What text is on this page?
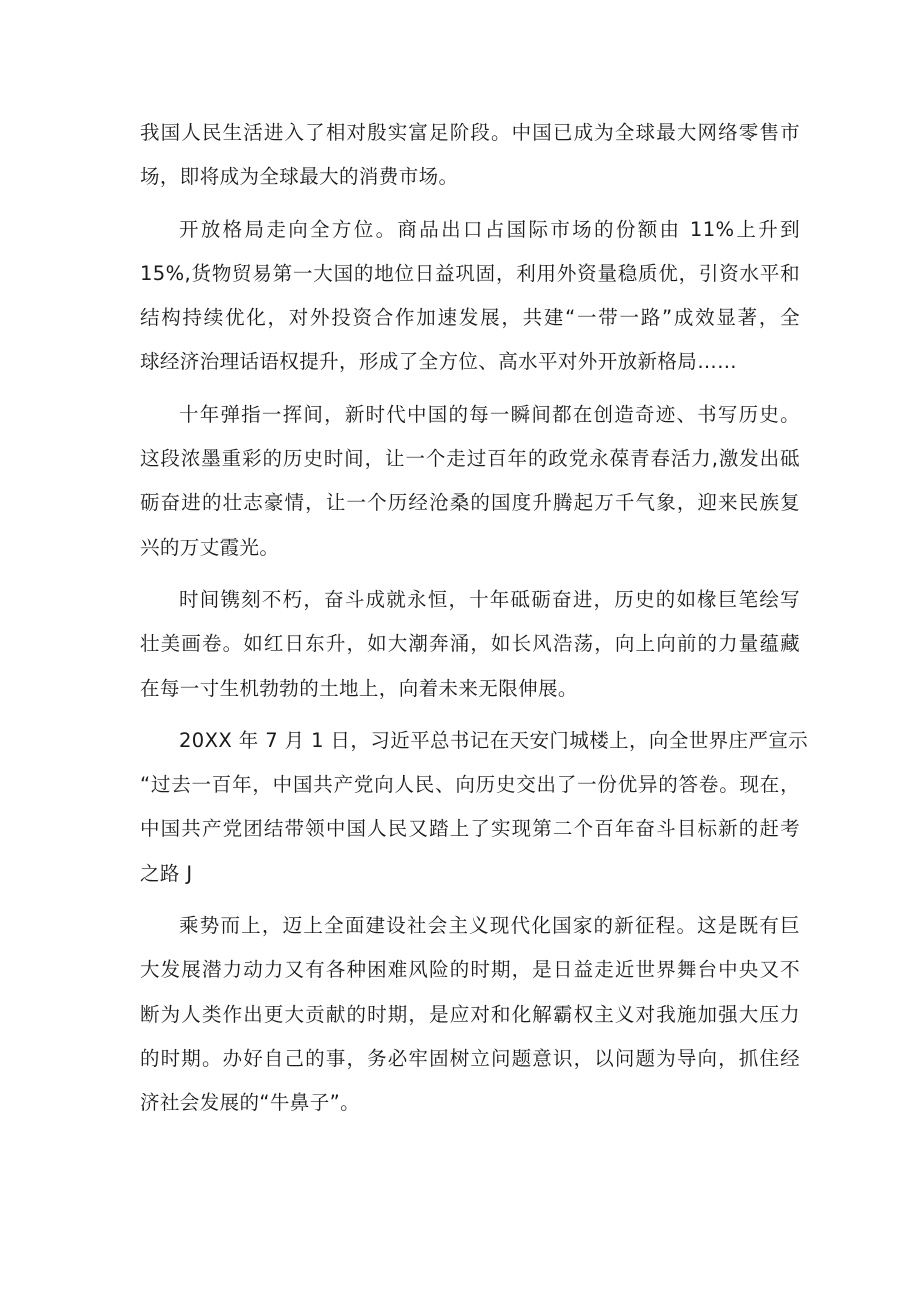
我国人民生活进入了相对殷实富足阶段。中国已成为全球最大网络零售市
场，即将成为全球最大的消费市场。
开放格局走向全方位。商品出口占国际市场的份额由 11%上升到
15%,货物贸易第一大国的地位日益巩固，利用外资量稳质优，引资水平和
结构持续优化，对外投资合作加速发展，共建“一带一路”成效显著，全
球经济治理话语权提升，形成了全方位、高水平对外开放新格局……
十年弹指一挥间，新时代中国的每一瞬间都在创造奇迹、书写历史。
这段浓墨重彩的历史时间，让一个走过百年的政党永葆青春活力,激发出砥
砺奋进的壮志豪情，让一个历经沧桑的国度升腾起万千气象，迎来民族复
兴的万丈霞光。
时间镌刻不朽，奋斗成就永恒，十年砥砺奋进，历史的如椽巨笔绘写
壮美画卷。如红日东升，如大潮奔涌，如长风浩荡，向上向前的力量蕴藏
在每一寸生机勃勃的土地上，向着未来无限伸展。
20XX 年 7 月 1 日，习近平总书记在天安门城楼上，向全世界庄严宣示
“过去一百年，中国共产党向人民、向历史交出了一份优异的答卷。现在，
中国共产党团结带领中国人民又踏上了实现第二个百年奋斗目标新的赶考
之路 J
乘势而上，迈上全面建设社会主义现代化国家的新征程。这是既有巨
大发展潜力动力又有各种困难风险的时期，是日益走近世界舞台中央又不
断为人类作出更大贡献的时期，是应对和化解霸权主义对我施加强大压力
的时期。办好自己的事，务必牢固树立问题意识，以问题为导向，抓住经
济社会发展的“牛鼻子”。
